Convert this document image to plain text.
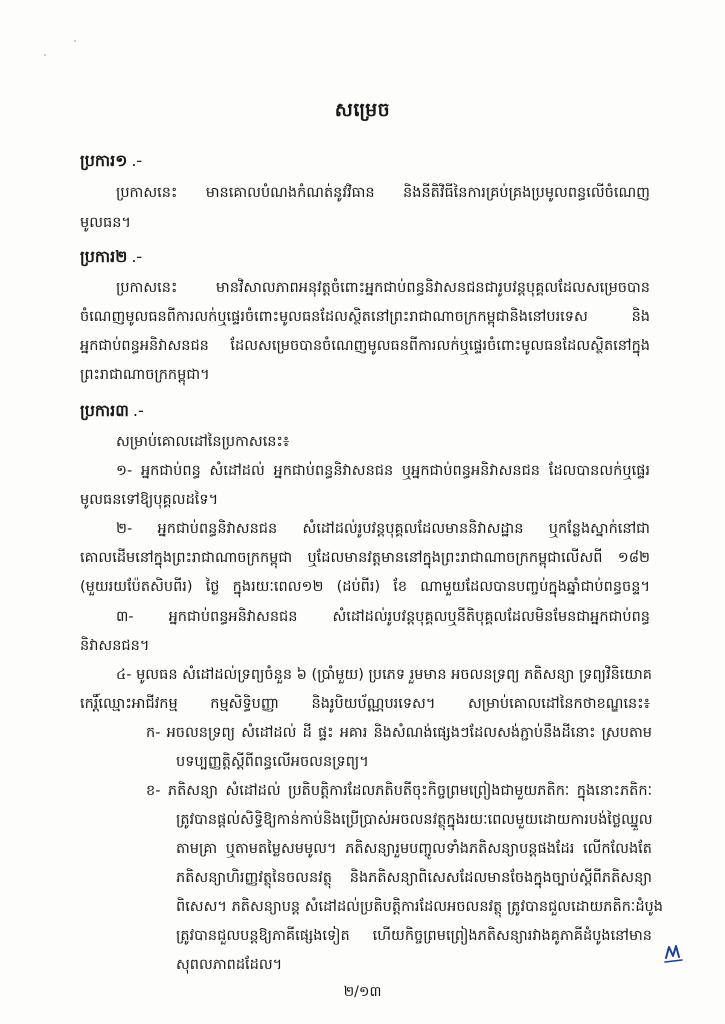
សម្រេច
ប្រការ១ .-
ប្រកាសនេះ មានគោលបំណងកំណត់នូវវិធាន និងនីតិវិធីនៃការគ្រប់គ្រងប្រមូលពន្ធលើចំណេញ
មូលធន។
ប្រការ២ .-
ប្រកាសនេះ មានវិសាលភាពអនុវត្តចំពោះអ្នកជាប់ពន្ធនិវាសនជនជារូបវន្តបុគ្គលដែលសម្រេចបាន
ចំណេញមូលធនពីការលក់ឬផ្ទេរចំពោះមូលធនដែលស្ថិតនៅព្រះរាជាណាចក្រកម្ពុជានិងនៅបរទេស និង
អ្នកជាប់ពន្ធអនិវាសនជន ដែលសម្រេចបានចំណេញមូលធនពីការលក់ឬផ្ទេរចំពោះមូលធនដែលស្ថិតនៅក្នុង
ព្រះរាជាណាចក្រកម្ពុជា។
ប្រការ៣ .-
សម្រាប់គោលដៅនៃប្រកាសនេះ៖
១- អ្នកជាប់ពន្ធ សំដៅដល់ អ្នកជាប់ពន្ធនិវាសនជន ឬអ្នកជាប់ពន្ធអនិវាសនជន ដែលបានលក់ឬផ្ទេរ
មូលធនទៅឱ្យបុគ្គលដទៃ។
២- អ្នកជាប់ពន្ធនិវាសនជន សំដៅដល់រូបវន្តបុគ្គលដែលមាននិវាសដ្ឋាន ឬកន្លែងស្នាក់នៅជា
គោលដើមនៅក្នុងព្រះរាជាណាចក្រកម្ពុជា ឬដែលមានវត្តមាននៅក្នុងព្រះរាជាណាចក្រកម្ពុជាលើសពី ១៨២
(មួយរយប៉ែតសិបពីរ) ថ្ងៃ ក្នុងរយៈពេល១២ (ដប់ពីរ) ខែ ណាមួយដែលបានបញ្ចប់ក្នុងឆ្នាំជាប់ពន្ធចន្ទ។
៣- អ្នកជាប់ពន្ធអនិវាសនជន សំដៅដល់រូបវន្តបុគ្គលឬនីតិបុគ្គលដែលមិនមែនជាអ្នកជាប់ពន្ធ
និវាសនជន។
៤- មូលធន សំដៅដល់ទ្រព្យចំនួន ៦ (ប្រាំមួយ) ប្រភេទ រួមមាន អចលនទ្រព្យ ភតិសន្យា ទ្រព្យវិនិយោគ
កេរ្តិ៍ឈ្មោះអាជីវកម្ម កម្មសិទ្ធិបញ្ញា និងរូបិយប័ណ្ណបរទេស។ សម្រាប់គោលដៅនៃកថាខណ្ឌនេះ៖
ក- អចលនទ្រព្យ សំដៅដល់ ដី ផ្ទះ អគារ និងសំណង់ផ្សេងៗដែលសង់ភ្ជាប់នឹងដីនោះ ស្របតាម
បទប្បញ្ញត្តិស្តីពីពន្ធលើអចលនទ្រព្យ។
ខ- ភតិសន្យា សំដៅដល់ ប្រតិបត្តិការដែលភតិបតីចុះកិច្ចព្រមព្រៀងជាមួយភតិកៈ ក្នុងនោះភតិកៈ
ត្រូវបានផ្តល់សិទ្ធិឱ្យកាន់កាប់និងប្រើប្រាស់អចលនវត្ថុក្នុងរយៈពេលមួយដោយការបង់ថ្លៃឈ្នួល
តាមគ្រា ឬតាមតម្លៃសមមូល។ ភតិសន្យារួមបញ្ចូលទាំងភតិសន្យាបន្តផងដែរ លើកលែងតែ
ភតិសន្យាហិរញ្ញវត្ថុនៃចលនវត្ថុ និងភតិសន្យាពិសេសដែលមានចែងក្នុងច្បាប់ស្តីពីភតិសន្យា
ពិសេស។ ភតិសន្យាបន្ត សំដៅដល់ប្រតិបត្តិការដែលអចលនវត្ថុ ត្រូវបានជួលដោយភតិកៈដំបូង
ត្រូវបានជួលបន្តឱ្យភាគីផ្សេងទៀត ហើយកិច្ចព្រមព្រៀងភតិសន្យារវាងគូភាគីដំបូងនៅមាន
សុពលភាពដដែល។
២/១៣
